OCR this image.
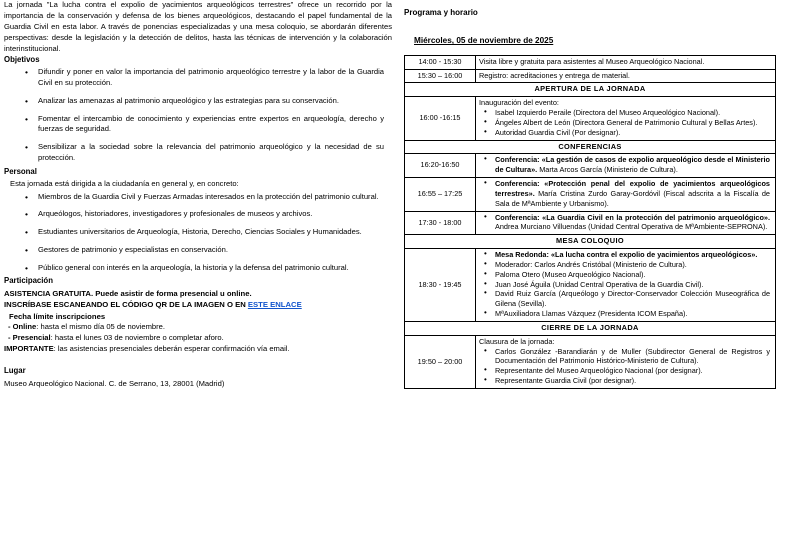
La jornada "La lucha contra el expolio de yacimientos arqueológicos terrestres" ofrece un recorrido por la importancia de la conservación y defensa de los bienes arqueológicos, destacando el papel fundamental de la Guardia Civil en esta labor. A través de ponencias especializadas y una mesa coloquio, se abordarán diferentes perspectivas: desde la legislación y la detección de delitos, hasta las técnicas de intervención y la colaboración interinstitucional.

Objetivos
• Difundir y poner en valor la importancia del patrimonio arqueológico terrestre y la labor de la Guardia Civil en su protección.
• Analizar las amenazas al patrimonio arqueológico y las estrategias para su conservación.
• Fomentar el intercambio de conocimiento y experiencias entre expertos en arqueología, derecho y fuerzas de seguridad.
• Sensibilizar a la sociedad sobre la relevancia del patrimonio arqueológico y la necesidad de su protección.
Personal
Esta jornada está dirigida a la ciudadanía en general y, en concreto:
• Miembros de la Guardia Civil y Fuerzas Armadas interesados en la protección del patrimonio cultural.
• Arqueólogos, historiadores, investigadores y profesionales de museos y archivos.
• Estudiantes universitarios de Arqueología, Historia, Derecho, Ciencias Sociales y Humanidades.
• Gestores de patrimonio y especialistas en conservación.
• Público general con interés en la arqueología, la historia y la defensa del patrimonio cultural.
Participación
ASISTENCIA GRATUITA. Puede asistir de forma presencial u online.
INSCRÍBASE ESCANEANDO EL CÓDIGO QR DE LA IMAGEN O EN ESTE ENLACE
Fecha límite inscripciones
- Online: hasta el mismo día 05 de noviembre.
- Presencial: hasta el lunes 03 de noviembre o completar aforo.
IMPORTANTE: las asistencias presenciales deberán esperar confirmación vía email.
Lugar
Museo Arqueológico Nacional. C. de Serrano, 13, 28001 (Madrid)
Programa y horario
Miércoles, 05 de noviembre de 2025
14:00 - 15:30	Visita libre y gratuita para asistentes al Museo Arqueológico Nacional.
15:30 – 16:00	Registro: acreditaciones y entrega de material.
APERTURA DE LA JORNADA	
16:00 -16:15	
Inauguración del evento:
• Isabel Izquierdo Peraile (Directora del Museo Arqueológico Nacional).
• Ángeles Albert de León (Directora General de Patrimonio Cultural y Bellas Artes).
• Autoridad Guardia Civil (Por designar).

CONFERENCIAS	
16:20-16:50	
• Conferencia: «La gestión de casos de expolio arqueológico desde el Ministerio de Cultura». Marta Arcos García (Ministerio de Cultura).

16:55 – 17:25	
• Conferencia: «Protección penal del expolio de yacimientos arqueológicos terrestres». María Cristina Zurdo Garay-Gordóvil (Fiscal adscrita a la Fiscalía de Sala de MªAmbiente y Urbanismo).

17:30 - 18:00	
• Conferencia: «La Guardia Civil en la protección del patrimonio arqueológico». Andrea Murciano Villuendas (Unidad Central Operativa de MªAmbiente-SEPRONA).

MESA COLOQUIO	
18:30 - 19:45	
• Mesa Redonda: «La lucha contra el expolio de yacimientos arqueológicos».
• Moderador: Carlos Andrés Cristóbal (Ministerio de Cultura).
• Paloma Otero (Museo Arqueológico Nacional).
• Juan José Águila (Unidad Central Operativa de la Guardia Civil).
• David Ruiz García (Arqueólogo y Director-Conservador Colección Museográfica de Gilena (Sevilla).
• MªAuxiliadora Llamas Vázquez (Presidenta ICOM España).

CIERRE DE LA JORNADA	
19:50 – 20:00	
Clausura de la jornada:
• Carlos González -Barandiarán y de Muller (Subdirector General de Registros y Documentación del Patrimonio Histórico-Ministerio de Cultura).
• Representante del Museo Arqueológico Nacional (por designar).
• Representante Guardia Civil (por designar).
